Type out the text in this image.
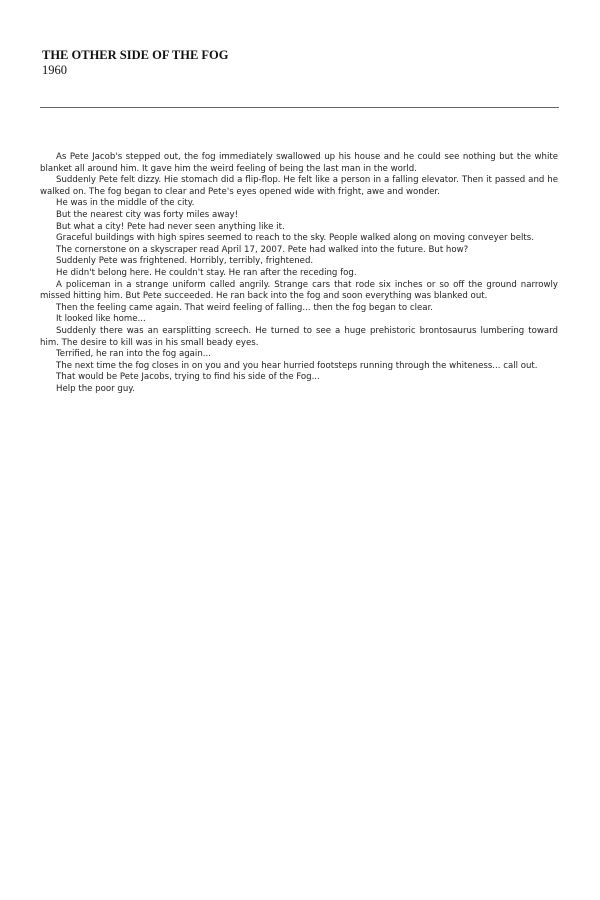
THE OTHER SIDE OF THE FOG

1960

As Pete Jacob's stepped out, the fog immediately swallowed up his house and he could see nothing but the white blanket all around him. It gave him the weird feeling of being the last man in the world.

Suddenly Pete felt dizzy. Hie stomach did a flip-flop. He felt like a person in a falling elevator. Then it passed and he walked on. The fog began to clear and Pete's eyes opened wide with fright, awe and wonder.

He was in the middle of the city.

But the nearest city was forty miles away!

But what a city! Pete had never seen anything like it.

Graceful buildings with high spires seemed to reach to the sky. People walked along on moving conveyer belts.

The cornerstone on a skyscraper read April 17, 2007. Pete had walked into the future. But how?

Suddenly Pete was frightened. Horribly, terribly, frightened.

He didn't belong here. He couldn't stay. He ran after the receding fog.

A policeman in a strange uniform called angrily. Strange cars that rode six inches or so off the ground narrowly missed hitting him. But Pete succeeded. He ran back into the fog and soon everything was blanked out.

Then the feeling came again. That weird feeling of falling... then the fog began to clear.

It looked like home...

Suddenly there was an earsplitting screech. He turned to see a huge prehistoric brontosaurus lumbering toward him. The desire to kill was in his small beady eyes.

Terrified, he ran into the fog again...

The next time the fog closes in on you and you hear hurried footsteps running through the whiteness... call out.

That would be Pete Jacobs, trying to find his side of the Fog...

Help the poor guy.
